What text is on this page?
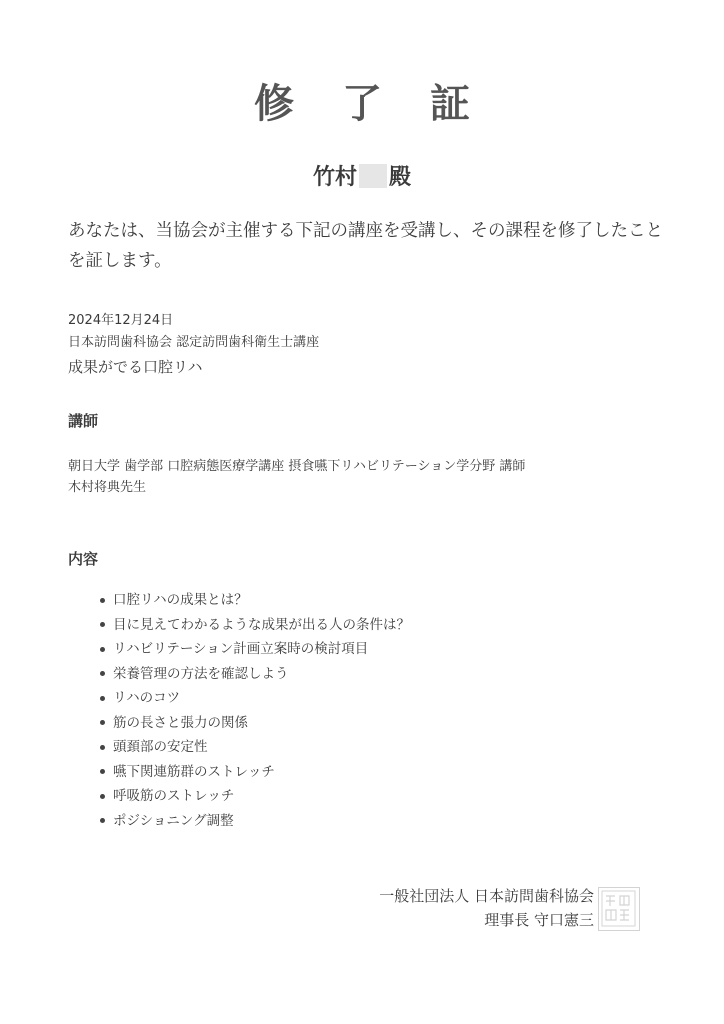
修 了 証
竹村 殿
あなたは、当協会が主催する下記の講座を受講し、その課程を修了したことを証します。
2024年12月24日
日本訪問歯科協会 認定訪問歯科衛生士講座
成果がでる口腔リハ
講師
朝日大学 歯学部 口腔病態医療学講座 摂食嚥下リハビリテーション学分野 講師
木村将典先生
内容
口腔リハの成果とは？
目に見えてわかるような成果が出る人の条件は？
リハビリテーション計画立案時の検討項目
栄養管理の方法を確認しよう
リハのコツ
筋の長さと張力の関係
頭頚部の安定性
嚥下関連筋群のストレッチ
呼吸筋のストレッチ
ポジショニング調整
一般社団法人 日本訪問歯科協会
理事長 守口憲三
